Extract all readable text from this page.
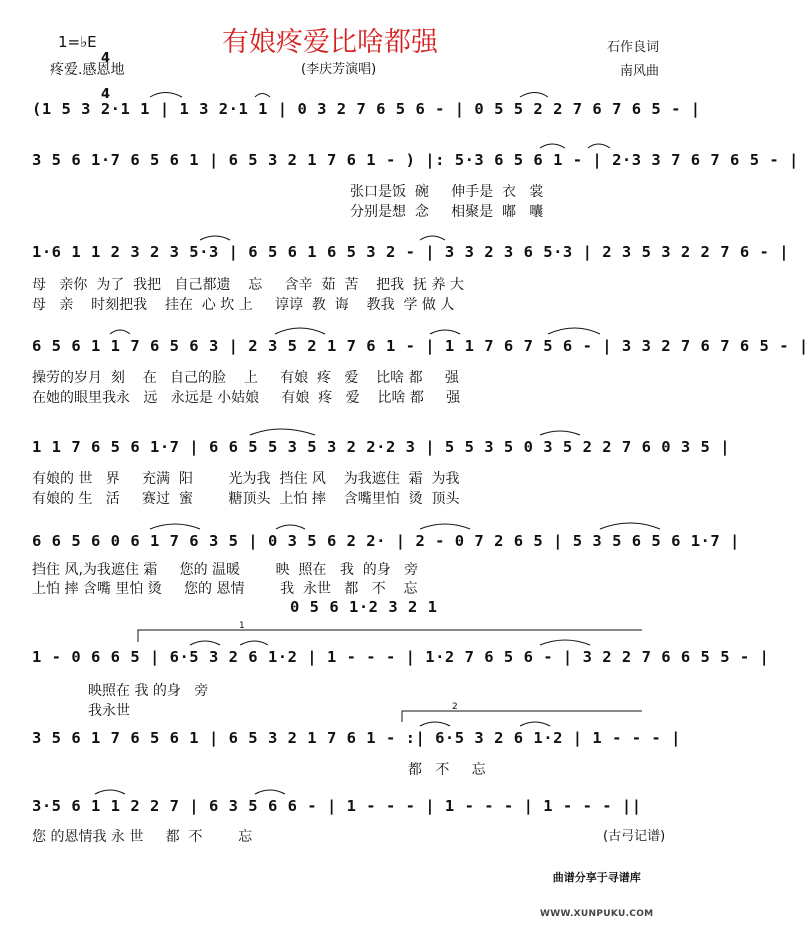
有娘疼爱比啥都强
1=♭E

4

4

疼爱.感恩地	(李庆芳演唱)
石作良词
南风曲
(1 5 3 2·1 1 | 1 3 2·1 1 | 0 3 2 7 6 5 6 - | 0 5 5 2 2 7 6 7 6 5 - |
3 5 6 1·7 6 5 6 1 | 6 5 3 2 1 7 6 1 - ) |: 5·3 6 5 6 1 - | 2·3 3 7 6 7 6 5 - |
张口是饭  碗     伸手是  衣   裳
分别是想  念     相聚是  嘟   囔
1·6 1 1 2 3 2 3 5·3 | 6 5 6 1 6 5 3 2 - | 3 3 2 3 6 5·3 | 2 3 5 3 2 2 7 6 - |
母   亲你  为了  我把   自己都遗    忘     含辛  茹  苦    把我  抚 养 大
母   亲    时刻把我    挂在  心 坎 上     谆谆  教  诲    教我  学 做 人
6 5 6 1 1 7 6 5 6 3 | 2 3 5 2 1 7 6 1 - | 1 1 7 6 7 5 6 - | 3 3 2 7 6 7 6 5 - |
操劳的岁月  刻    在   自己的脸    上     有娘  疼   爱    比啥 都     强
在她的眼里我永   远   永远是 小姑娘     有娘  疼   爱    比啥 都     强
1 1 7 6 5 6 1·7 | 6 6 5 5 3 5 3 2 2·2 3 | 5 5 3 5 0 3 5 2 2 7 6 0 3 5 |
有娘的 世   界     充满  阳        光为我  挡住 风    为我遮住  霜  为我
有娘的 生   活     赛过  蜜        糖顶头  上怕 摔    含嘴里怕  烫  顶头
6 6 5 6 0 6 1 7 6 3 5 | 0 3 5 6 2 2· | 2 - 0 7 2 6 5 | 5 3 5 6 5 6 1·7 |
挡住 风,为我遮住 霜     您的 温暖        映  照在   我  的身   旁
上怕 摔 含嘴 里怕 烫     您的 恩情        我  永世   都   不    忘
0 5 6 1·2 3 2 1
1 - 0 6 6 5 | 6·5 3 2 6 1·2 | 1 - - - | 1·2 7 6 5 6 - | 3 2 2 7 6 6 5 5 - |
映照在 我 的身   旁
我永世
3 5 6 1 7 6 5 6 1 | 6 5 3 2 1 7 6 1 - :| 6·5 3 2 6 1·2 | 1 - - - |
都   不     忘
3·5 6 1 1 2 2 7 | 6 3 5 6 6 - | 1 - - - | 1 - - - | 1 - - - ||
您 的恩情我 永 世     都  不        忘
1
2
(古弓记谱)

曲谱分享于寻谱库

WWW.XUNPUKU.COM
